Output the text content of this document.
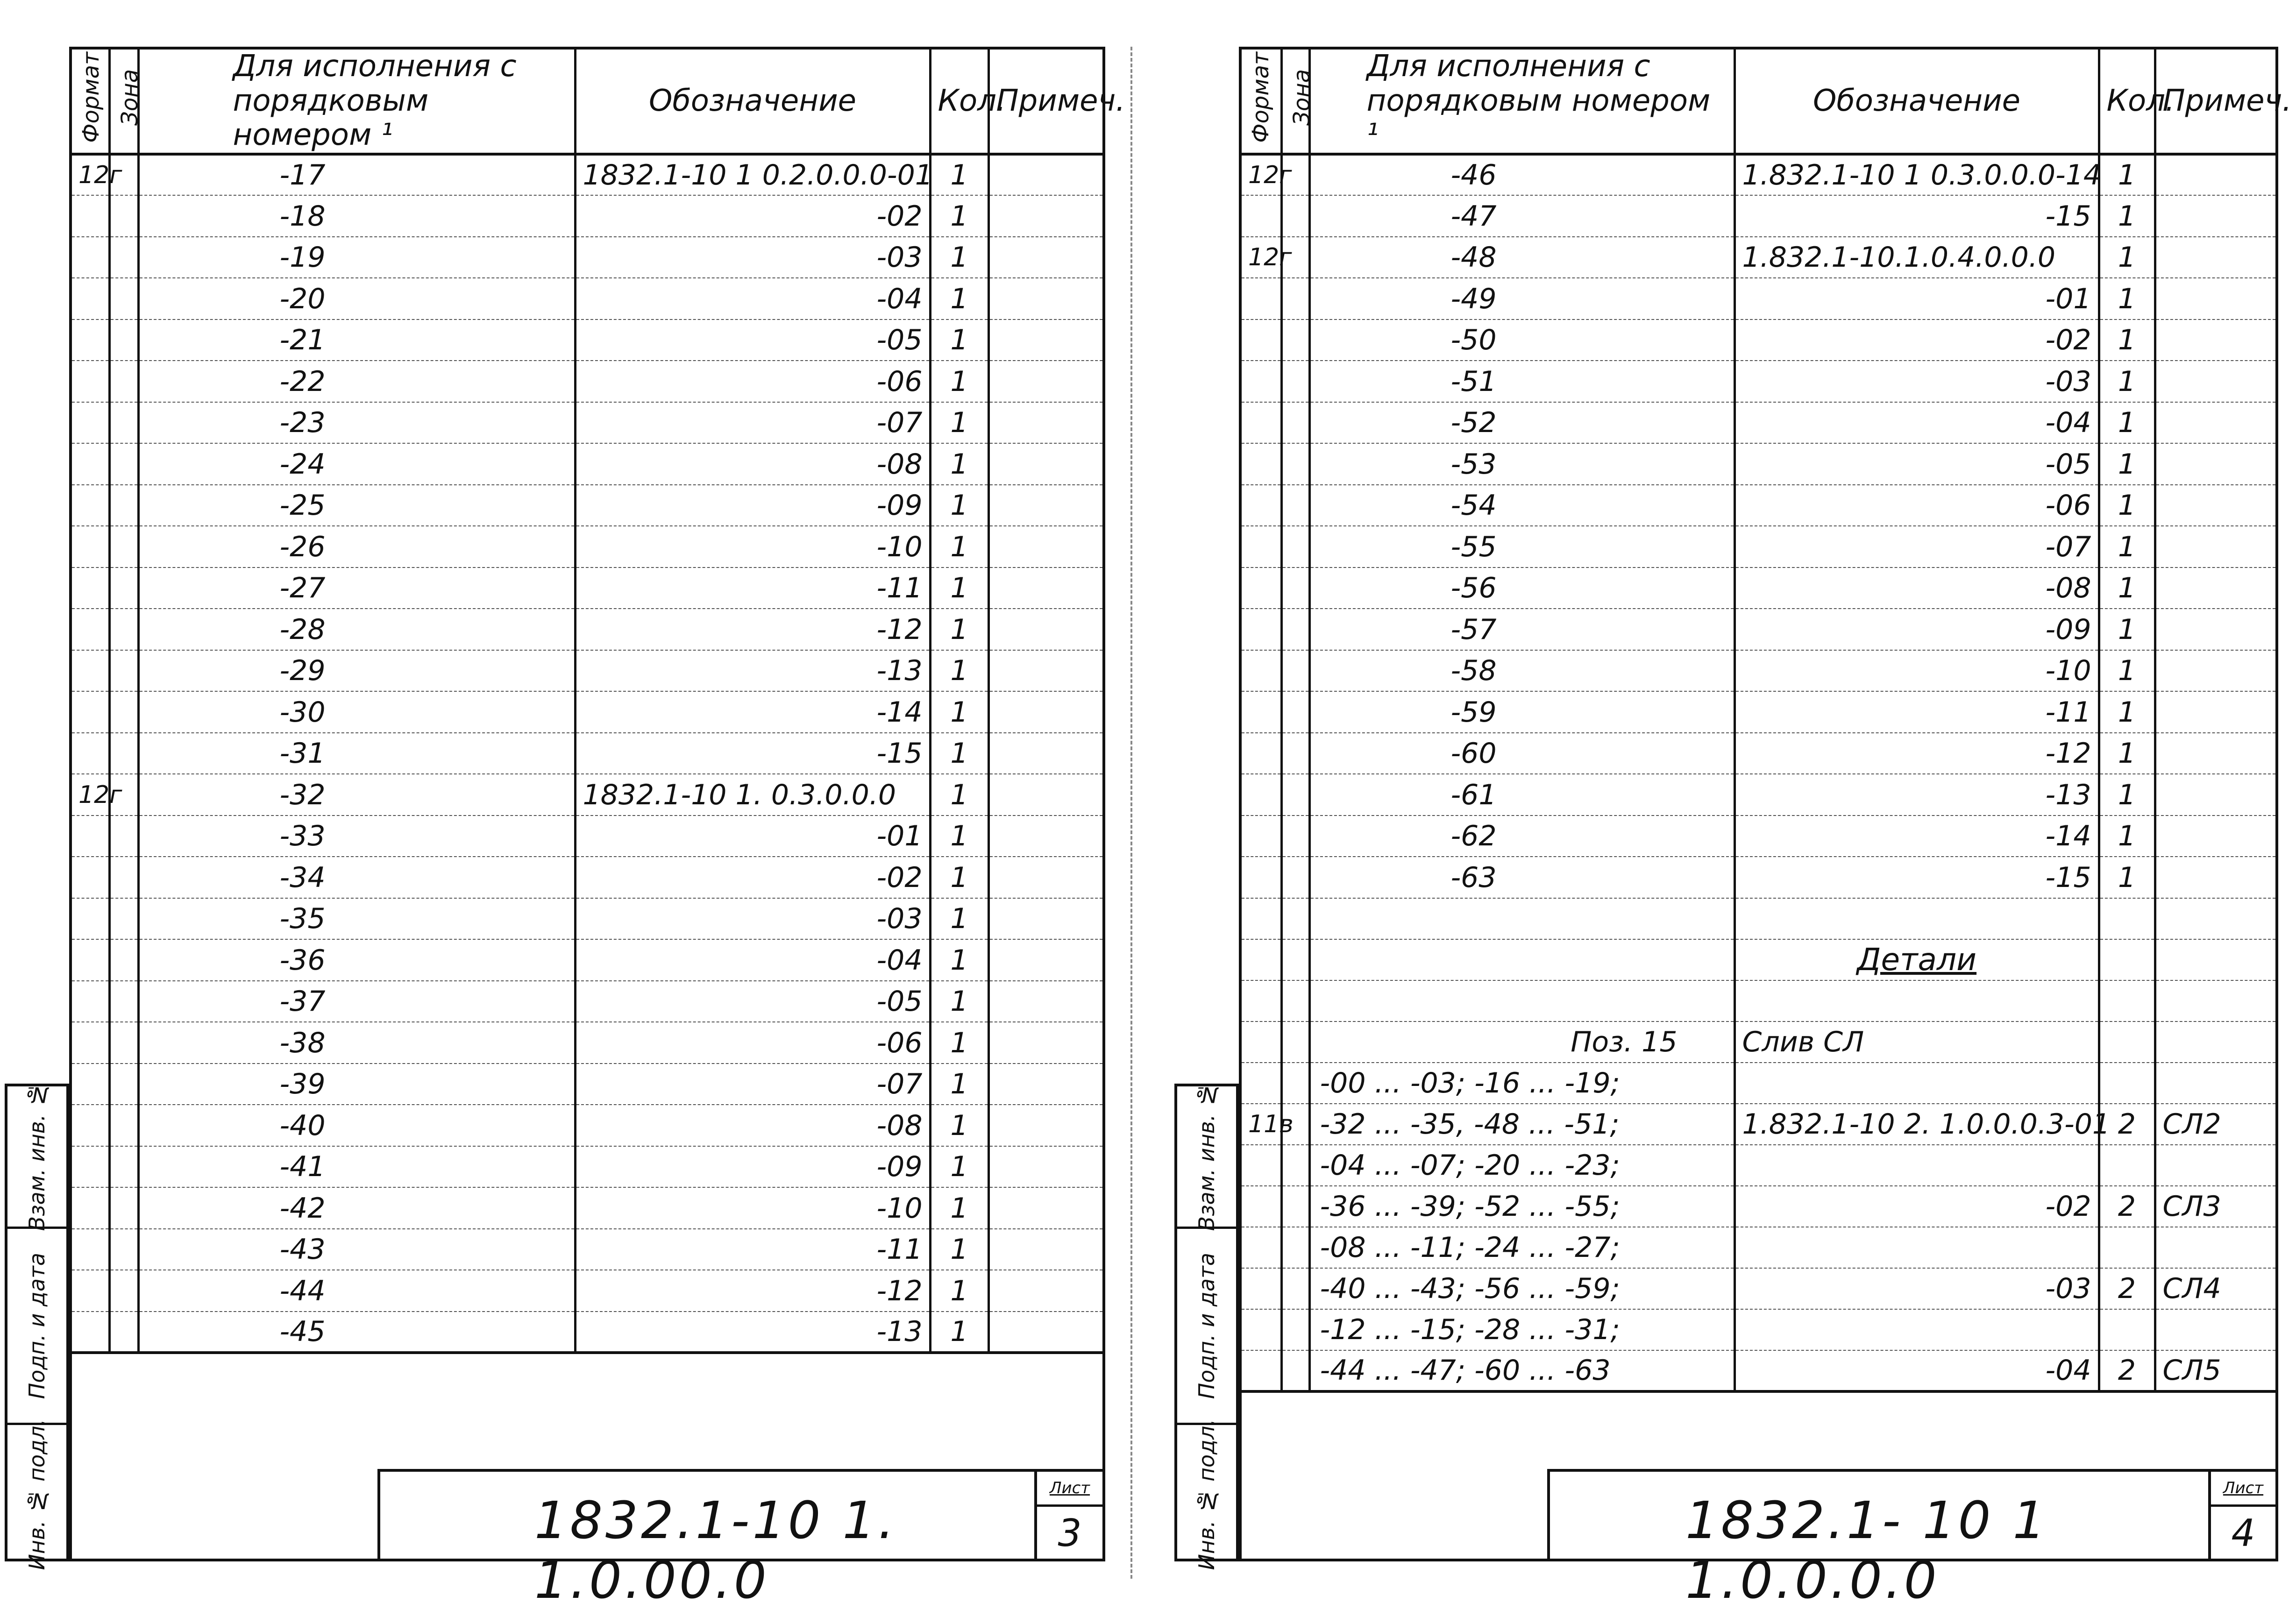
Взам. инв. №
Подп. и дата
Инв. № подл.
Формат	Зона	Для исполнения с порядковым номером ¹	Обозначение	Кол.	Примеч.
12г		-17	1832.1-10 1 0.2.0.0.0-01	1	
		-18	-02	1	
		-19	-03	1	
		-20	-04	1	
		-21	-05	1	
		-22	-06	1	
		-23	-07	1	
		-24	-08	1	
		-25	-09	1	
		-26	-10	1	
		-27	-11	1	
		-28	-12	1	
		-29	-13	1	
		-30	-14	1	
		-31	-15	1	
12г		-32	1832.1-10 1. 0.3.0.0.0	1	
		-33	-01	1	
		-34	-02	1	
		-35	-03	1	
		-36	-04	1	
		-37	-05	1	
		-38	-06	1	
		-39	-07	1	
		-40	-08	1	
		-41	-09	1	
		-42	-10	1	
		-43	-11	1	
		-44	-12	1	
		-45	-13	1	

1832.1-10 1. 1.0.00.0
Лист
3
Взам. инв. №
Подп. и дата
Инв. № подл.
Формат	Зона	Для исполнения с порядковым номером ¹	Обозначение	Кол.	Примеч.
12г		-46	1.832.1-10 1 0.3.0.0.0-14	1	
		-47	-15	1	
12г		-48	1.832.1-10.1.0.4.0.0.0	1	
		-49	-01	1	
		-50	-02	1	
		-51	-03	1	
		-52	-04	1	
		-53	-05	1	
		-54	-06	1	
		-55	-07	1	
		-56	-08	1	
		-57	-09	1	
		-58	-10	1	
		-59	-11	1	
		-60	-12	1	
		-61	-13	1	
		-62	-14	1	
		-63	-15	1	

			Детали		

		Поз. 15	Слив СЛ		
		-00 ... -03; -16 ... -19;			
11в		-32 ... -35, -48 ... -51;	1.832.1-10 2. 1.0.0.0.3-01	2	СЛ2
		-04 ... -07; -20 ... -23;			
		-36 ... -39; -52 ... -55;	-02	2	СЛ3
		-08 ... -11; -24 ... -27;			
		-40 ... -43; -56 ... -59;	-03	2	СЛ4
		-12 ... -15; -28 ... -31;			
		-44 ... -47; -60 ... -63	-04	2	СЛ5

1832.1- 10 1 1.0.0.0.0
Лист
4
